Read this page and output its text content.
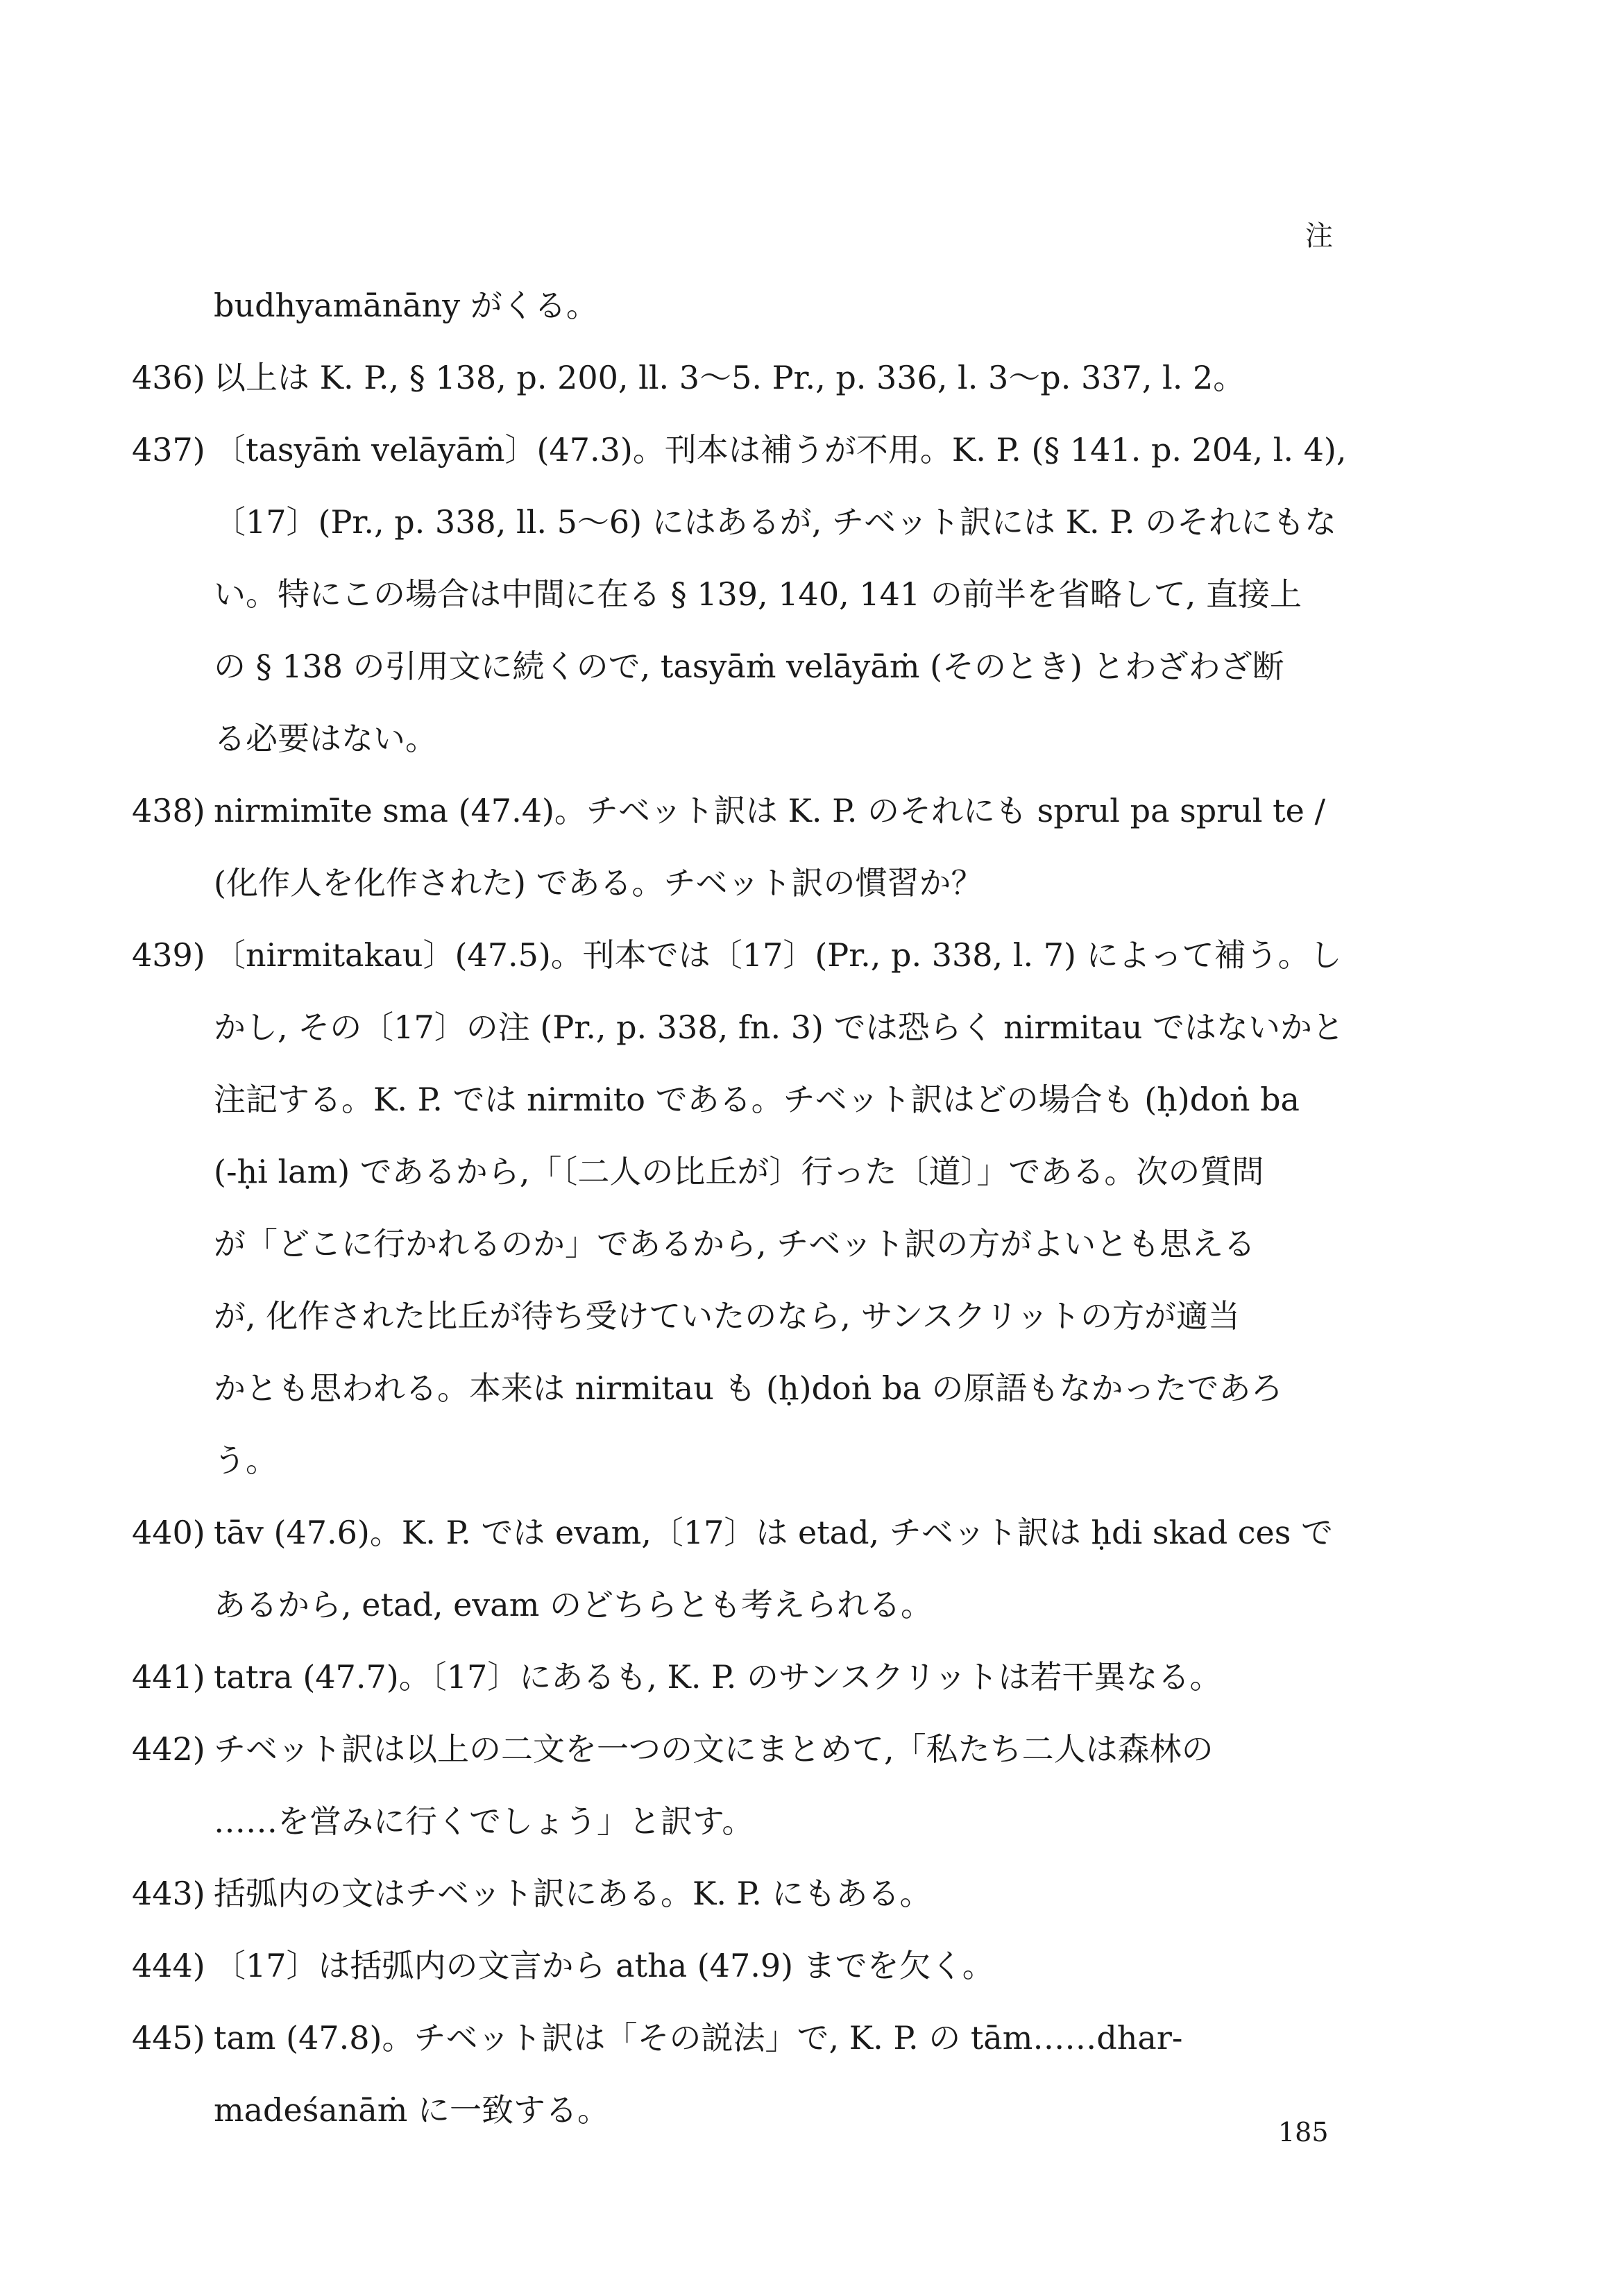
注
budhyamānāny がくる。
436) 以上は K. P., § 138, p. 200, ll. 3〜5. Pr., p. 336, l. 3〜p. 337, l. 2。
437) 〔tasyāṁ velāyāṁ〕(47.3)。刊本は補うが不用。K. P. (§ 141. p. 204, l. 4),
〔17〕(Pr., p. 338, ll. 5〜6) にはあるが, チベット訳には K. P. のそれにもな
い。特にこの場合は中間に在る § 139, 140, 141 の前半を省略して, 直接上
の § 138 の引用文に続くので, tasyāṁ velāyāṁ (そのとき) とわざわざ断
る必要はない。
438) nirmimīte sma (47.4)。チベット訳は K. P. のそれにも sprul pa sprul te /
(化作人を化作された) である。チベット訳の慣習か？
439) 〔nirmitakau〕(47.5)。刊本では〔17〕(Pr., p. 338, l. 7) によって補う。し
かし, その〔17〕の注 (Pr., p. 338, fn. 3) では恐らく nirmitau ではないかと
注記する。K. P. では nirmito である。チベット訳はどの場合も (ḥ)doṅ ba
(-ḥi lam) であるから,「〔二人の比丘が〕行った〔道〕」である。次の質問
が「どこに行かれるのか」であるから, チベット訳の方がよいとも思える
が, 化作された比丘が待ち受けていたのなら, サンスクリットの方が適当
かとも思われる。本来は nirmitau も (ḥ)doṅ ba の原語もなかったであろ
う。
440) tāv (47.6)。K. P. では evam,〔17〕は etad, チベット訳は ḥdi skad ces で
あるから, etad, evam のどちらとも考えられる。
441) tatra (47.7)。〔17〕にあるも, K. P. のサンスクリットは若干異なる。
442) チベット訳は以上の二文を一つの文にまとめて,「私たち二人は森林の
……を営みに行くでしょう」と訳す。
443) 括弧内の文はチベット訳にある。K. P. にもある。
444) 〔17〕は括弧内の文言から atha (47.9) までを欠く。
445) tam (47.8)。チベット訳は「その説法」で, K. P. の tām……dhar-
madeśanāṁ に一致する。
185
